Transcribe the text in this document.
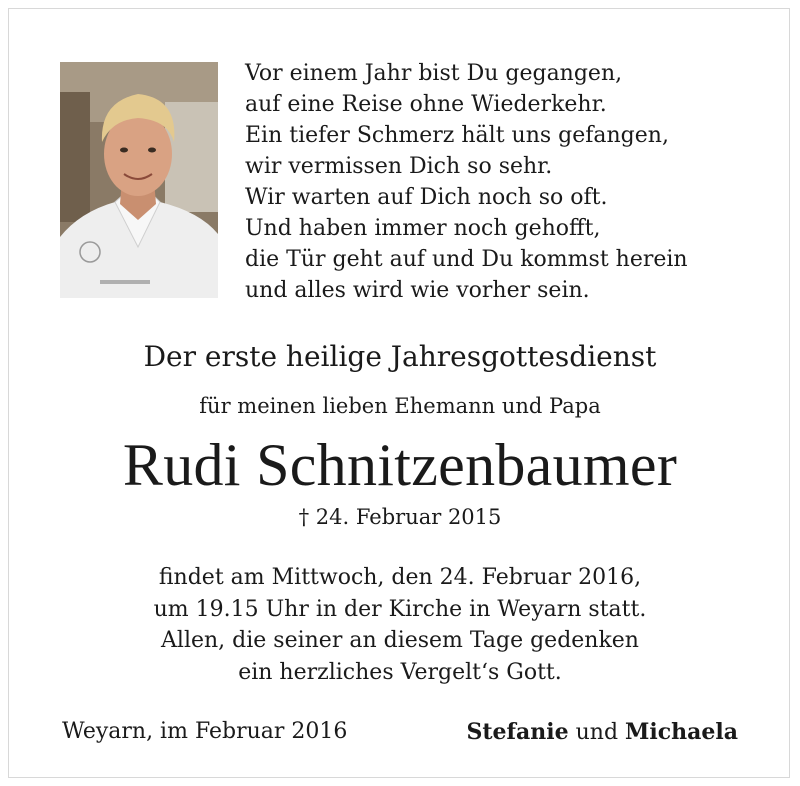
Vor einem Jahr bist Du gegangen,
auf eine Reise ohne Wiederkehr.
Ein tiefer Schmerz hält uns gefangen,
wir vermissen Dich so sehr.
Wir warten auf Dich noch so oft.
Und haben immer noch gehofft,
die Tür geht auf und Du kommst herein
und alles wird wie vorher sein.
Der erste heilige Jahresgottesdienst
für meinen lieben Ehemann und Papa
Rudi Schnitzenbaumer
† 24. Februar 2015
findet am Mittwoch, den 24. Februar 2016,
um 19.15 Uhr in der Kirche in Weyarn statt.
Allen, die seiner an diesem Tage gedenken
ein herzliches Vergelt‘s Gott.
Weyarn, im Februar 2016	Stefanie und Michaela
